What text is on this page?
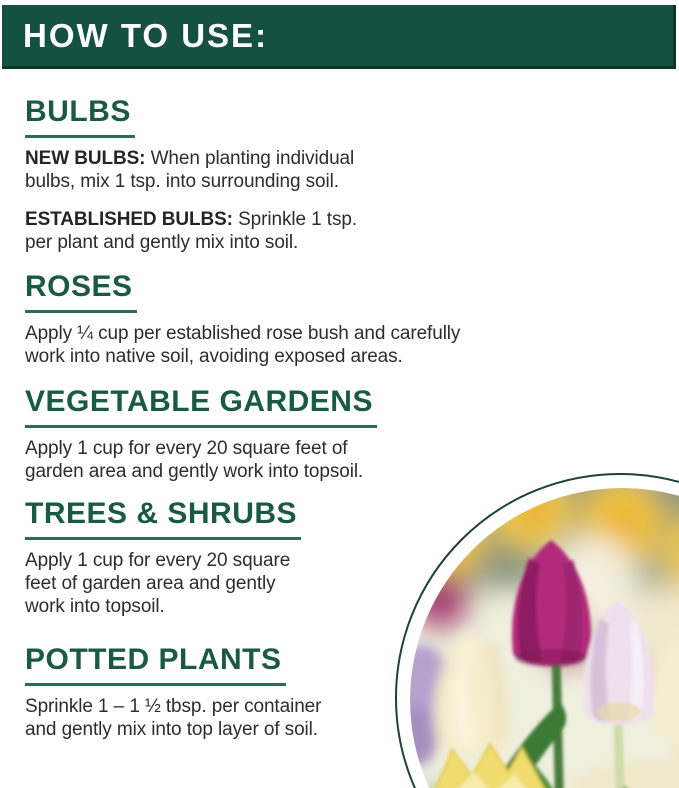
HOW TO USE:
BULBS

NEW BULBS: When planting individual
bulbs, mix 1 tsp. into surrounding soil.

ESTABLISHED BULBS: Sprinkle 1 tsp.
per plant and gently mix into soil.

ROSES

Apply ¼ cup per established rose bush and carefully
work into native soil, avoiding exposed areas.

VEGETABLE GARDENS

Apply 1 cup for every 20 square feet of
garden area and gently work into topsoil.

TREES & SHRUBS

Apply 1 cup for every 20 square
feet of garden area and gently
work into topsoil.

POTTED PLANTS

Sprinkle 1 – 1 ½ tbsp. per container
and gently mix into top layer of soil.
